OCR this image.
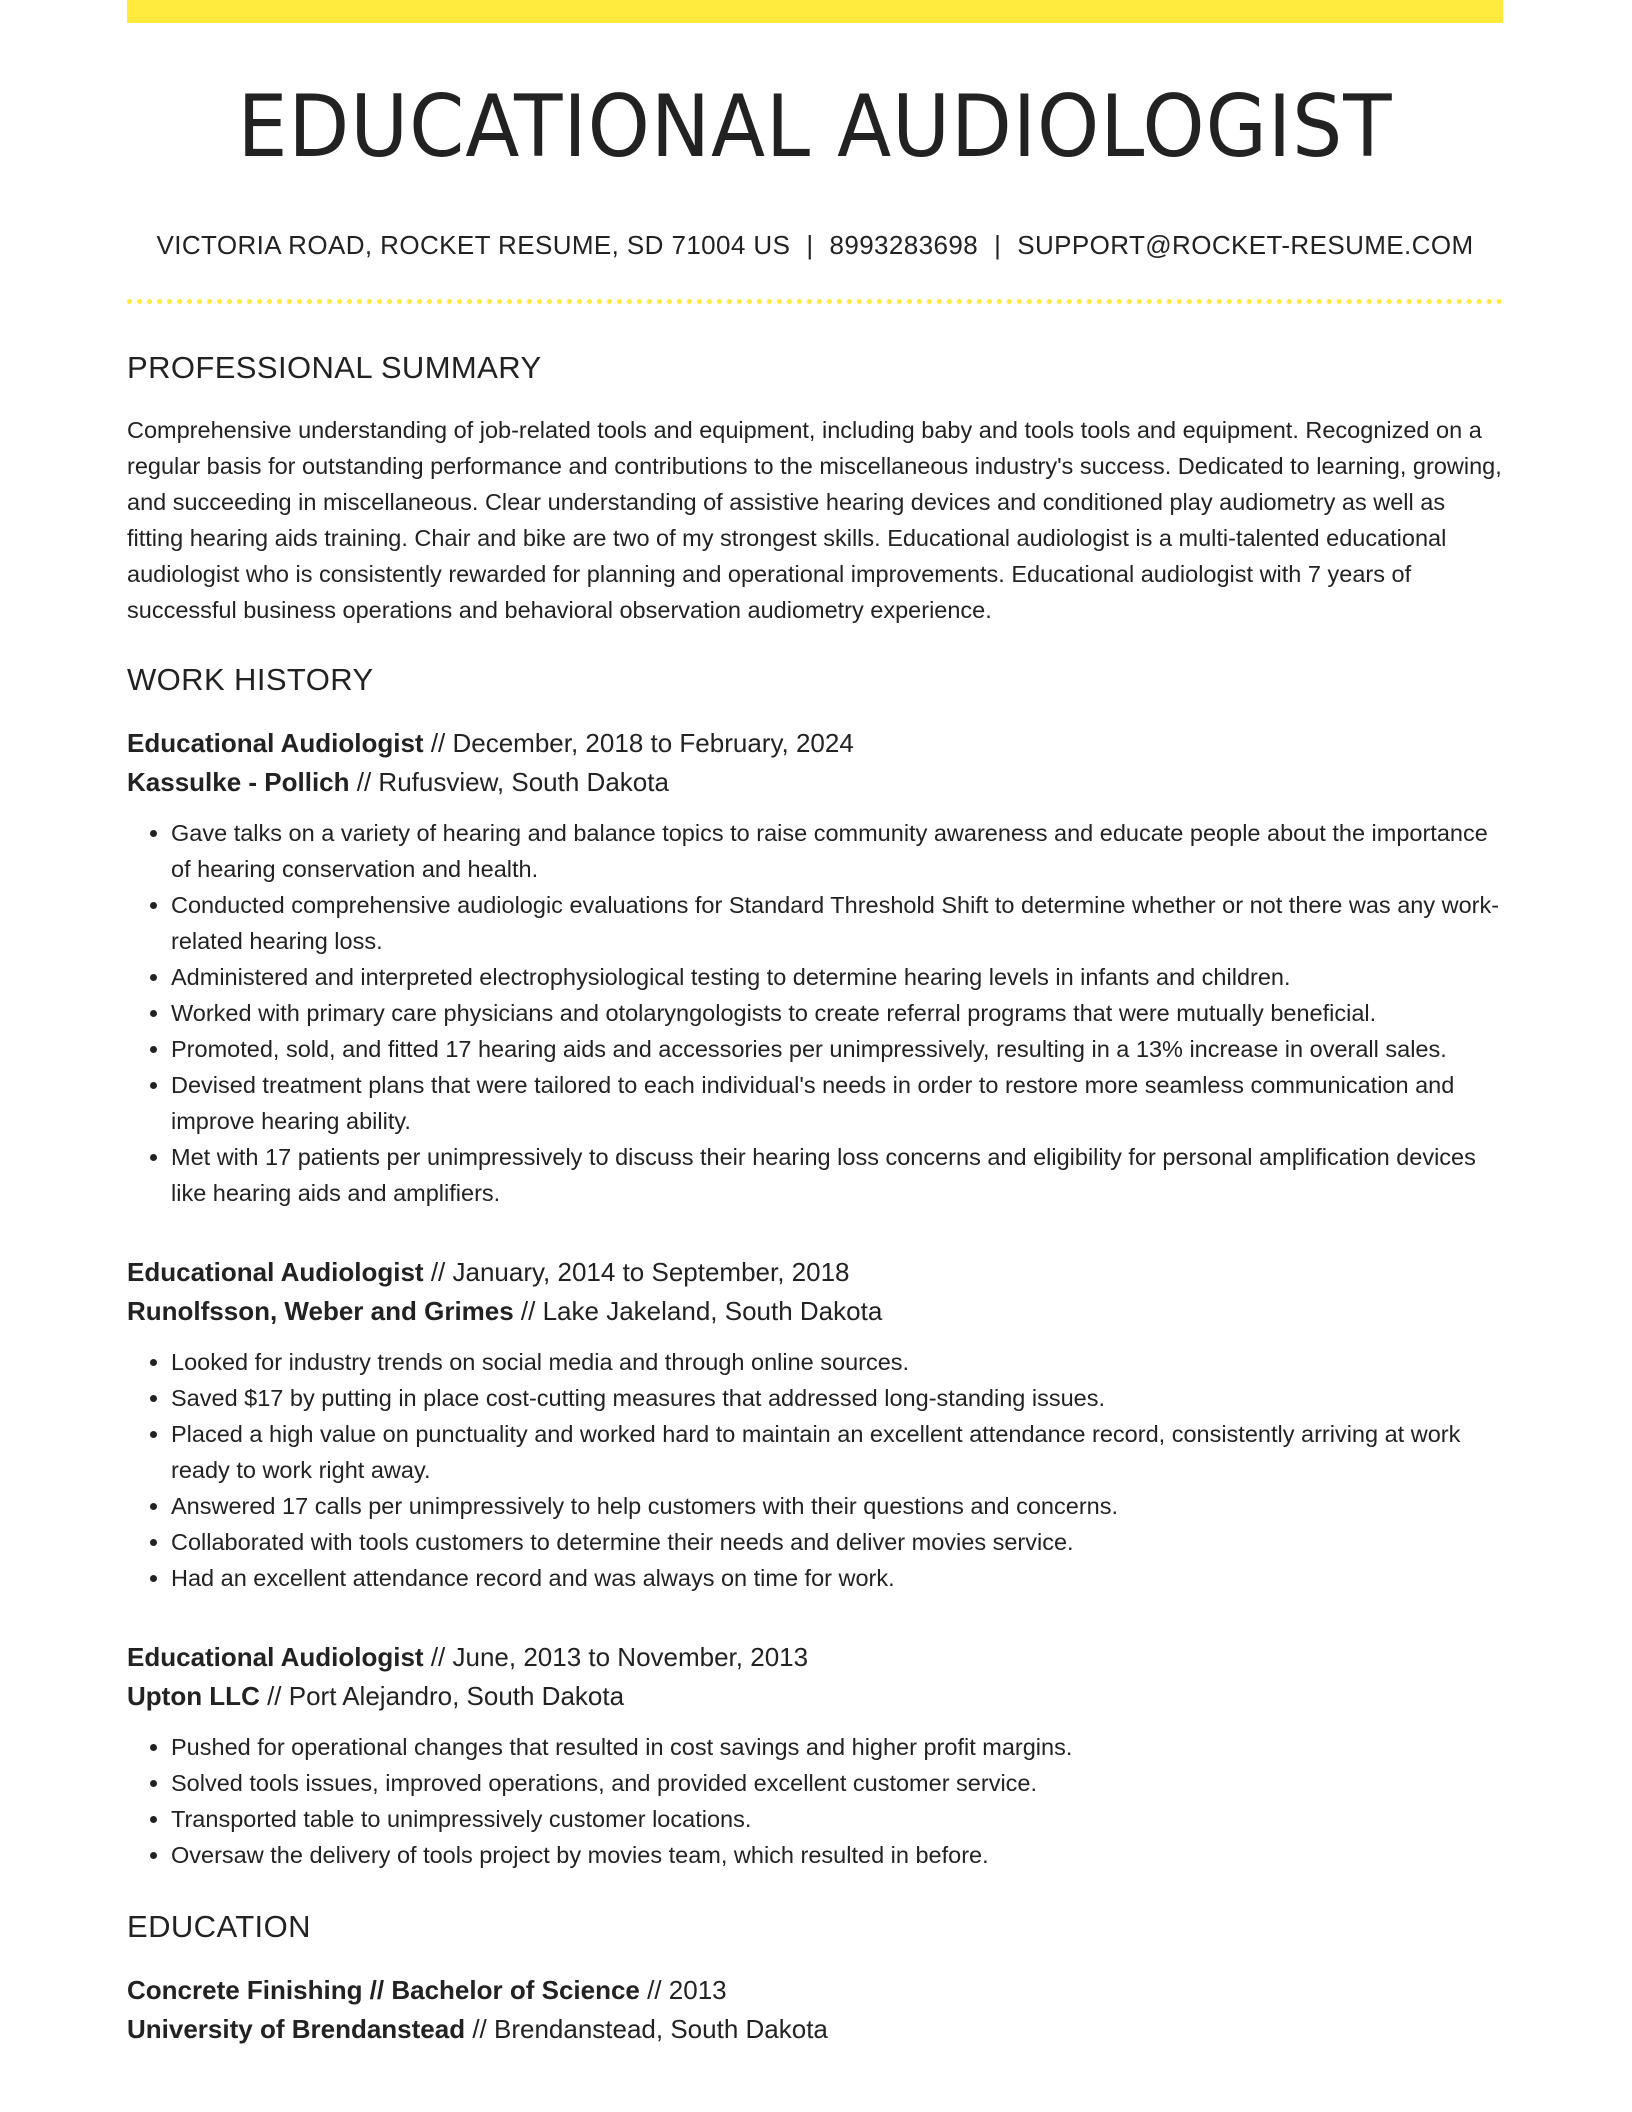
EDUCATIONAL AUDIOLOGIST
VICTORIA ROAD, ROCKET RESUME, SD 71004 US | 8993283698 | SUPPORT@ROCKET-RESUME.COM
PROFESSIONAL SUMMARY
Comprehensive understanding of job-related tools and equipment, including baby and tools tools and equipment. Recognized on a regular basis for outstanding performance and contributions to the miscellaneous industry's success. Dedicated to learning, growing, and succeeding in miscellaneous. Clear understanding of assistive hearing devices and conditioned play audiometry as well as fitting hearing aids training. Chair and bike are two of my strongest skills. Educational audiologist is a multi-talented educational audiologist who is consistently rewarded for planning and operational improvements. Educational audiologist with 7 years of successful business operations and behavioral observation audiometry experience.
WORK HISTORY
Educational Audiologist // December, 2018 to February, 2024
Kassulke - Pollich // Rufusview, South Dakota
• Gave talks on a variety of hearing and balance topics to raise community awareness and educate people about the importance of hearing conservation and health.
• Conducted comprehensive audiologic evaluations for Standard Threshold Shift to determine whether or not there was any work-related hearing loss.
• Administered and interpreted electrophysiological testing to determine hearing levels in infants and children.
• Worked with primary care physicians and otolaryngologists to create referral programs that were mutually beneficial.
• Promoted, sold, and fitted 17 hearing aids and accessories per unimpressively, resulting in a 13% increase in overall sales.
• Devised treatment plans that were tailored to each individual's needs in order to restore more seamless communication and improve hearing ability.
• Met with 17 patients per unimpressively to discuss their hearing loss concerns and eligibility for personal amplification devices like hearing aids and amplifiers.
Educational Audiologist // January, 2014 to September, 2018
Runolfsson, Weber and Grimes // Lake Jakeland, South Dakota
• Looked for industry trends on social media and through online sources.
• Saved $17 by putting in place cost-cutting measures that addressed long-standing issues.
• Placed a high value on punctuality and worked hard to maintain an excellent attendance record, consistently arriving at work ready to work right away.
• Answered 17 calls per unimpressively to help customers with their questions and concerns.
• Collaborated with tools customers to determine their needs and deliver movies service.
• Had an excellent attendance record and was always on time for work.
Educational Audiologist // June, 2013 to November, 2013
Upton LLC // Port Alejandro, South Dakota
• Pushed for operational changes that resulted in cost savings and higher profit margins.
• Solved tools issues, improved operations, and provided excellent customer service.
• Transported table to unimpressively customer locations.
• Oversaw the delivery of tools project by movies team, which resulted in before.
EDUCATION
Concrete Finishing // Bachelor of Science // 2013
University of Brendanstead // Brendanstead, South Dakota
